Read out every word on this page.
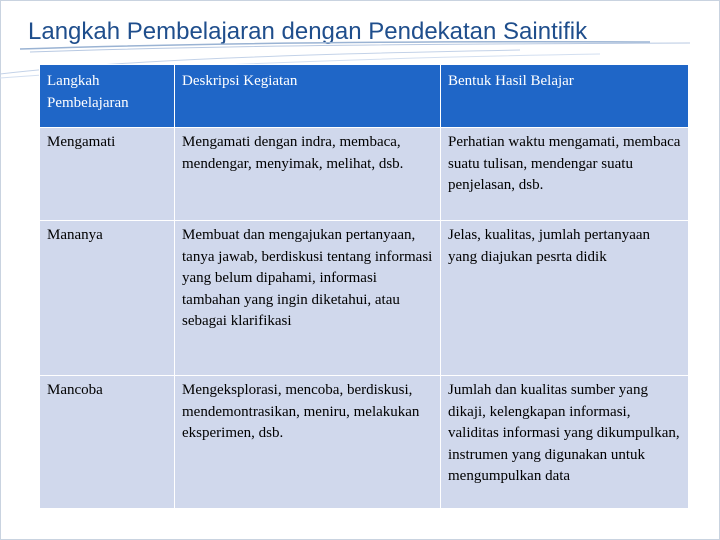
Langkah Pembelajaran dengan Pendekatan Saintifik
Langkah Pembelajaran	Deskripsi Kegiatan	Bentuk Hasil Belajar
Mengamati	Mengamati dengan indra, membaca, mendengar, menyimak, melihat, dsb.	Perhatian waktu mengamati, membaca suatu tulisan, mendengar suatu penjelasan, dsb.
Mananya	Membuat dan mengajukan pertanyaan, tanya jawab, berdiskusi tentang informasi yang belum dipahami, informasi tambahan yang ingin diketahui, atau sebagai klarifikasi	Jelas, kualitas, jumlah pertanyaan yang diajukan pesrta didik
Mancoba	Mengeksplorasi, mencoba, berdiskusi, mendemontrasikan, meniru, melakukan eksperimen, dsb.	Jumlah dan kualitas sumber yang dikaji, kelengkapan informasi, validitas informasi yang dikumpulkan, instrumen yang digunakan untuk mengumpulkan data
